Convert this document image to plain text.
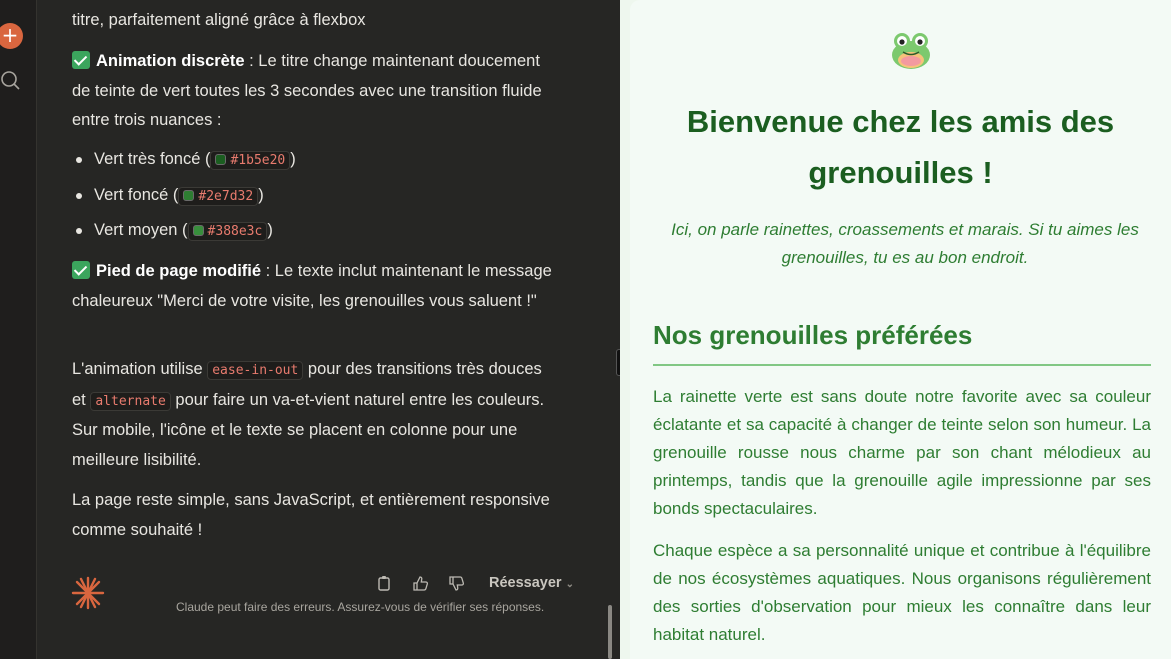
+
titre, parfaitement aligné grâce à flexbox
Animation discrète : Le titre change maintenant doucement de teinte de vert toutes les 3 secondes avec une transition fluide entre trois nuances :
Vert très foncé ( #1b5e20 )
Vert foncé ( #2e7d32 )
Vert moyen ( #388e3c )
Pied de page modifié : Le texte inclut maintenant le message chaleureux "Merci de votre visite, les grenouilles vous saluent !"
L'animation utilise ease-in-out pour des transitions très douces et alternate pour faire un va-et-vient naturel entre les couleurs. Sur mobile, l'icône et le texte se placent en colonne pour une meilleure lisibilité.
La page reste simple, sans JavaScript, et entièrement responsive comme souhaité !
Réessayer ⌄
Claude peut faire des erreurs. Assurez-vous de vérifier ses réponses.
Bienvenue chez les amis des grenouilles !

Ici, on parle rainettes, croassements et marais. Si tu aimes les grenouilles, tu es au bon endroit.

Nos grenouilles préférées

La rainette verte est sans doute notre favorite avec sa couleur éclatante et sa capacité à changer de teinte selon son humeur. La grenouille rousse nous charme par son chant mélodieux au printemps, tandis que la grenouille agile impressionne par ses bonds spectaculaires.

Chaque espèce a sa personnalité unique et contribue à l'équilibre de nos écosystèmes aquatiques. Nous organisons régulièrement des sorties d'observation pour mieux les connaître dans leur habitat naturel.
